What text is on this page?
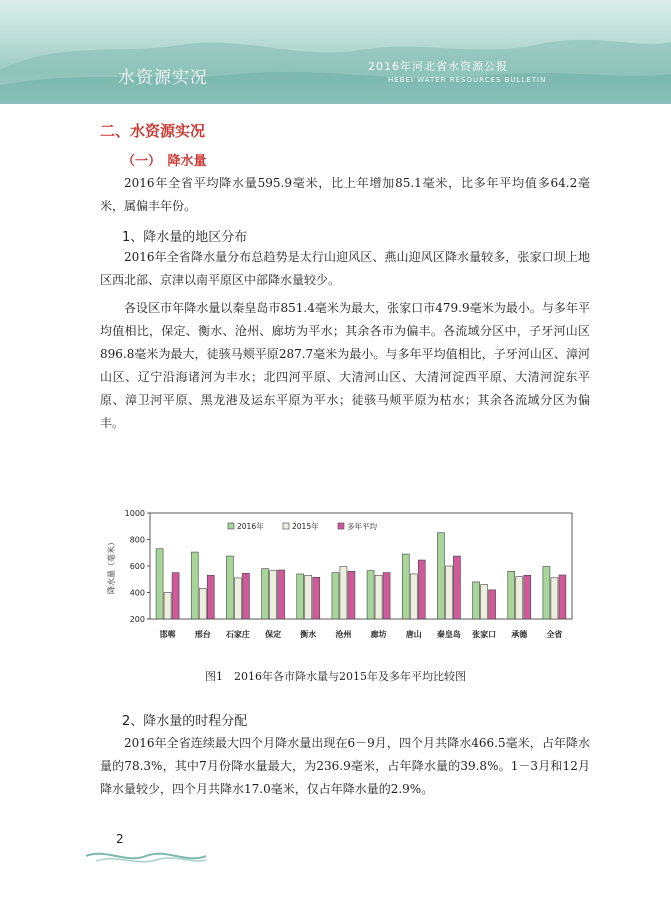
水资源实况
2016年河北省水资源公报
HEBEI WATER RESOURCES BULLETIN
二、水资源实况
（一）　降水量

2016年全省平均降水量595.9毫米，比上年增加85.1毫米，比多年平均值多64.2毫米，属偏丰年份。

1、降水量的地区分布

2016年全省降水量分布总趋势是太行山迎风区、燕山迎风区降水量较多，张家口坝上地区西北部、京津以南平原区中部降水量较少。

各设区市年降水量以秦皇岛市851.4毫米为最大，张家口市479.9毫米为最小。与多年平均值相比，保定、衡水、沧州、廊坊为平水；其余各市为偏丰。各流域分区中，子牙河山区896.8毫米为最大，徒骇马颊平原287.7毫米为最小。与多年平均值相比，子牙河山区、漳河山区、辽宁沿海诸河为丰水；北四河平原、大清河山区、大清河淀西平原、大清河淀东平原、漳卫河平原、黑龙港及运东平原为平水；徒骇马颊平原为枯水；其余各流域分区为偏丰。

200
400
600
800
1000
降水量（毫米）
邯郸 邢台 石家庄 保定 衡水 沧州 廊坊 唐山 秦皇岛 张家口 承德 全省
2016年	2015年	多年平均
图1　2016年各市降水量与2015年及多年平均比较图
2、降水量的时程分配

2016年全省连续最大四个月降水量出现在6－9月，四个月共降水466.5毫米，占年降水量的78.3%，其中7月份降水量最大，为236.9毫米，占年降水量的39.8%。1－3月和12月降水量较少，四个月共降水17.0毫米，仅占年降水量的2.9%。

2
